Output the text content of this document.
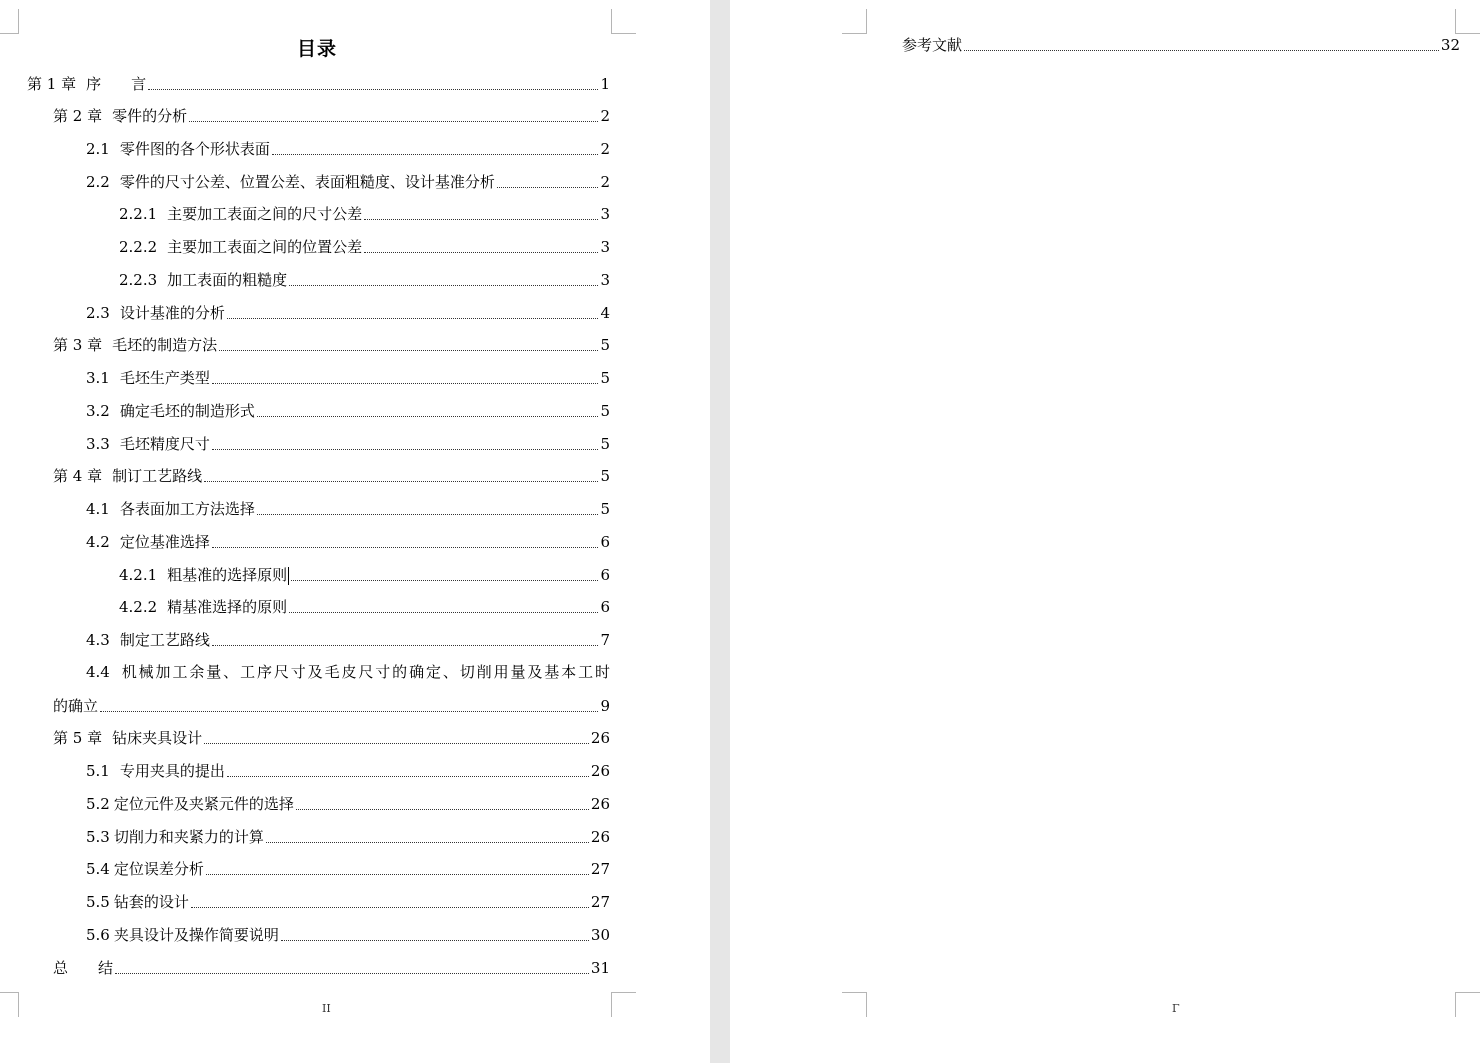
目录
第 1 章 序　　言	1
第 2 章 零件的分析	2
2.1 零件图的各个形状表面	2
2.2 零件的尺寸公差、位置公差、表面粗糙度、设计基准分析	2
2.2.1 主要加工表面之间的尺寸公差	3
2.2.2 主要加工表面之间的位置公差	3
2.2.3 加工表面的粗糙度	3
2.3 设计基准的分析	4
第 3 章 毛坯的制造方法	5
3.1 毛坯生产类型	5
3.2 确定毛坯的制造形式	5
3.3 毛坯精度尺寸	5
第 4 章 制订工艺路线	5
4.1 各表面加工方法选择	5
4.2 定位基准选择	6
4.2.1 粗基准的选择原则	6
4.2.2 精基准选择的原则	6
4.3 制定工艺路线	7
4.4 机械加工余量、工序尺寸及毛皮尺寸的确定、切削用量及基本工时
的确立	9
第 5 章 钻床夹具设计	26
5.1 专用夹具的提出	26
5.2 定位元件及夹紧元件的选择	26
5.3 切削力和夹紧力的计算	26
5.4 定位误差分析	27
5.5 钻套的设计	27
5.6 夹具设计及操作简要说明	30
总　　结	31
II
参考文献	32
Γ
